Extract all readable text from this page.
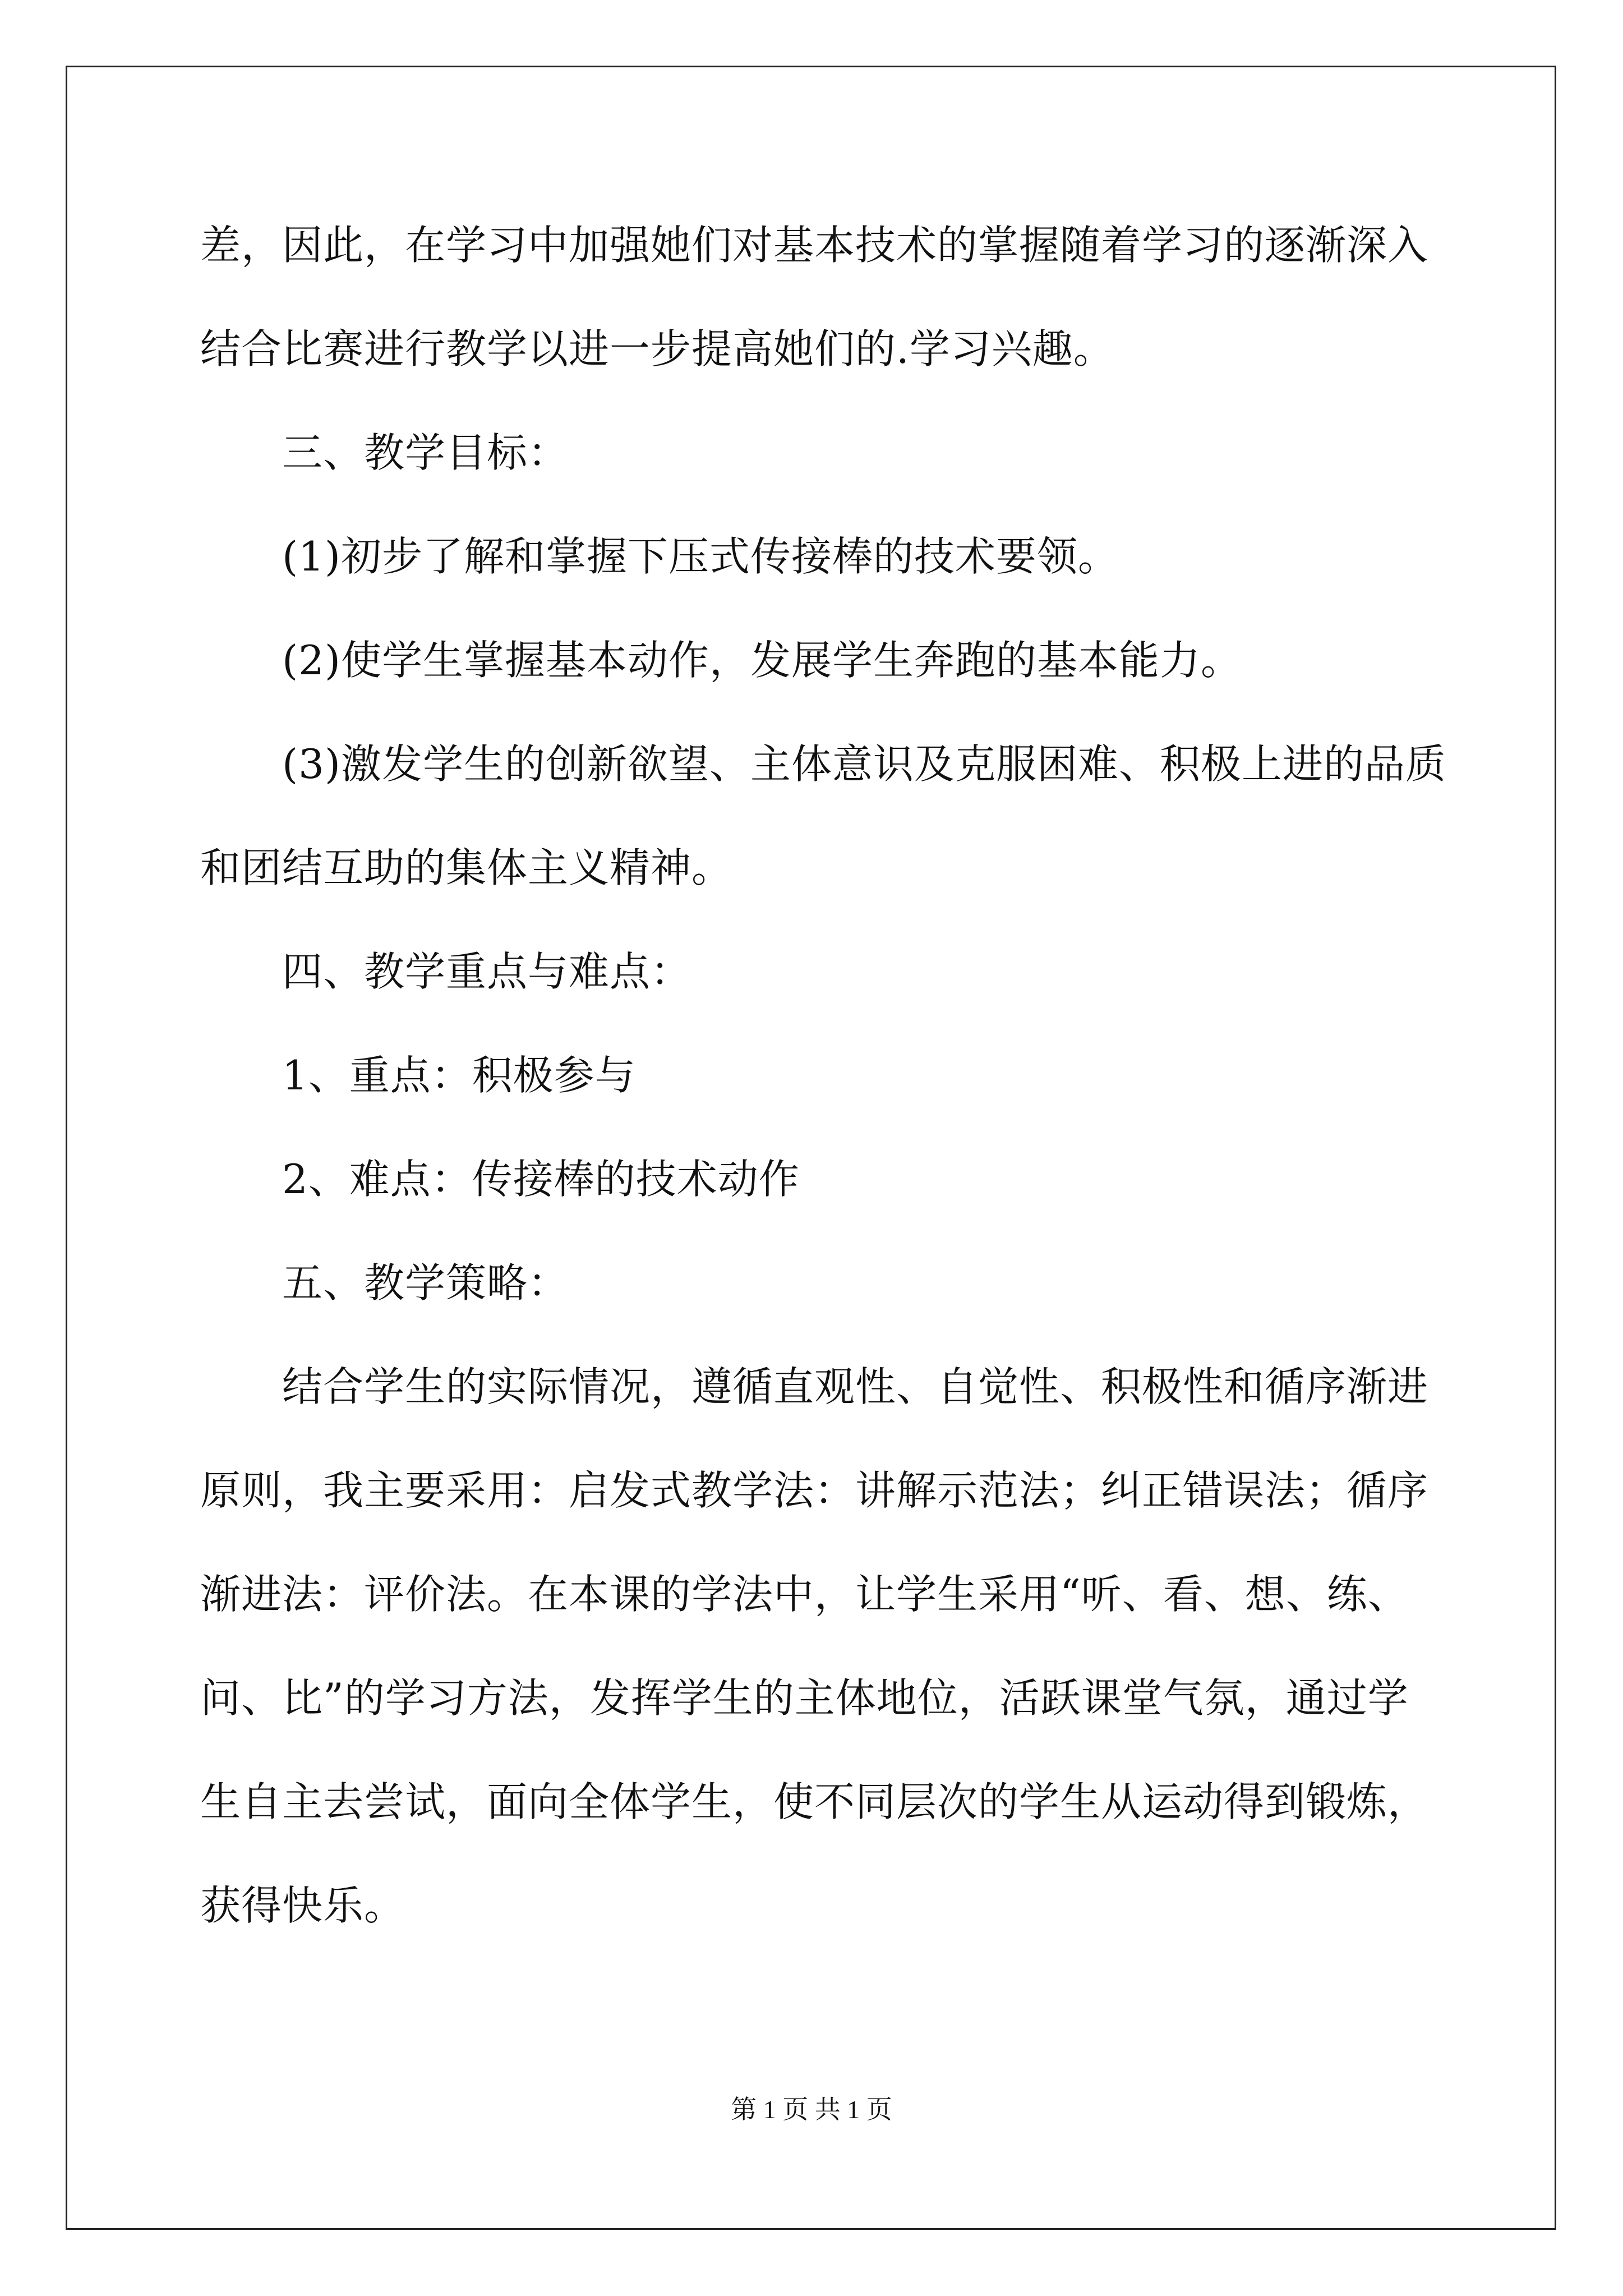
差，因此，在学习中加强她们对基本技术的掌握随着学习的逐渐深入
结合比赛进行教学以进一步提高她们的.学习兴趣。
三、教学目标：
(1)初步了解和掌握下压式传接棒的技术要领。
(2)使学生掌握基本动作，发展学生奔跑的基本能力。
(3)激发学生的创新欲望、主体意识及克服困难、积极上进的品质
和团结互助的集体主义精神。
四、教学重点与难点：
1、重点：积极参与
2、难点：传接棒的技术动作
五、教学策略：
结合学生的实际情况，遵循直观性、自觉性、积极性和循序渐进
原则，我主要采用：启发式教学法：讲解示范法；纠正错误法；循序
渐进法：评价法。在本课的学法中，让学生采用“听、看、想、练、
问、比”的学习方法，发挥学生的主体地位，活跃课堂气氛，通过学
生自主去尝试，面向全体学生，使不同层次的学生从运动得到锻炼，
获得快乐。
第 1 页 共 1 页
